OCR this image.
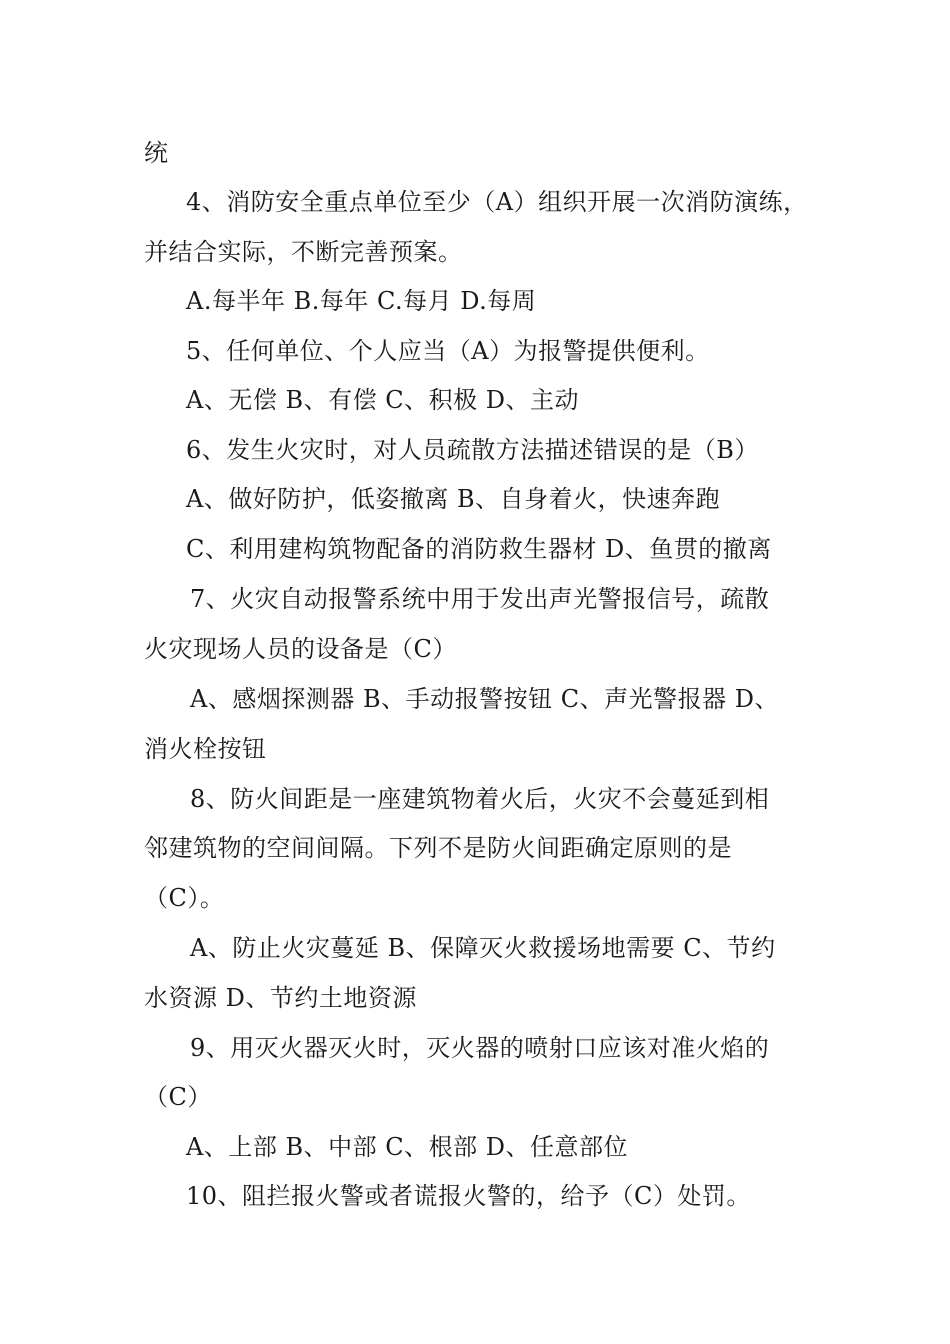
统
4、消防安全重点单位至少（A）组织开展一次消防演练，
并结合实际，不断完善预案。
A.每半年 B.每年 C.每月 D.每周
5、任何单位、个人应当（A）为报警提供便利。
A、无偿 B、有偿 C、积极 D、主动
6、发生火灾时，对人员疏散方法描述错误的是（B）
A、做好防护，低姿撤离 B、自身着火，快速奔跑
C、利用建构筑物配备的消防救生器材 D、鱼贯的撤离
7、火灾自动报警系统中用于发出声光警报信号，疏散
火灾现场人员的设备是（C）
A、感烟探测器 B、手动报警按钮 C、声光警报器 D、
消火栓按钮
8、防火间距是一座建筑物着火后，火灾不会蔓延到相
邻建筑物的空间间隔。下列不是防火间距确定原则的是
（C）。
A、防止火灾蔓延 B、保障灭火救援场地需要 C、节约
水资源 D、节约土地资源
9、用灭火器灭火时，灭火器的喷射口应该对准火焰的
（C）
A、上部 B、中部 C、根部 D、任意部位
10、阻拦报火警或者谎报火警的，给予（C）处罚。
